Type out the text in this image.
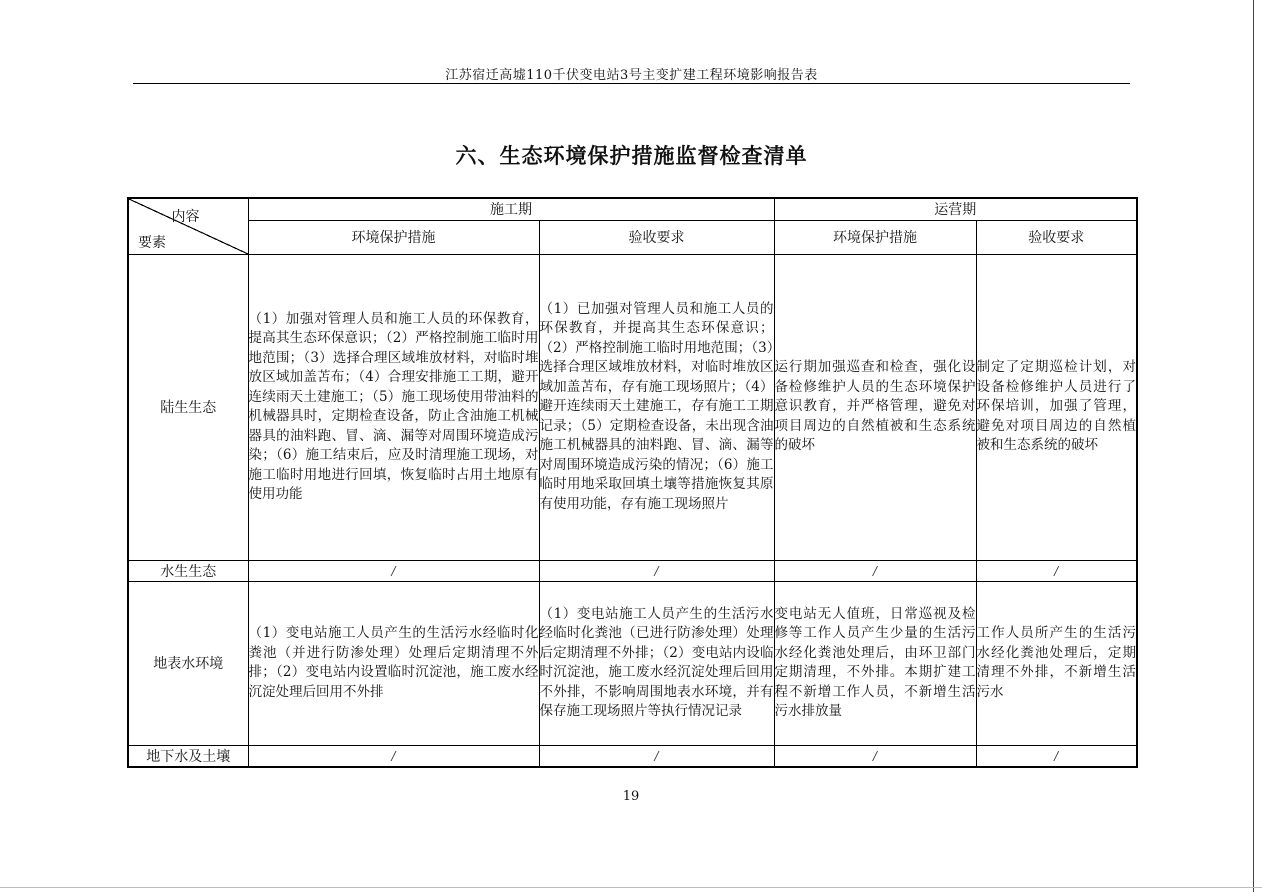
江苏宿迁高墟110千伏变电站3号主变扩建工程环境影响报告表
六、生态环境保护措施监督检查清单
内容
要素	施工期		运营期	
	环境保护措施	验收要求	环境保护措施	验收要求
陆生生态	（1）加强对管理人员和施工人员的环保教育，提高其生态环保意识；（2）严格控制施工临时用地范围；（3）选择合理区域堆放材料，对临时堆放区域加盖苫布；（4）合理安排施工工期，避开连续雨天土建施工；（5）施工现场使用带油料的机械器具时，定期检查设备，防止含油施工机械器具的油料跑、冒、滴、漏等对周围环境造成污染；（6）施工结束后，应及时清理施工现场，对施工临时用地进行回填，恢复临时占用土地原有使用功能	（1）已加强对管理人员和施工人员的环保教育，并提高其生态环保意识；（2）严格控制施工临时用地范围；（3）选择合理区域堆放材料，对临时堆放区域加盖苫布，存有施工现场照片；（4）避开连续雨天土建施工，存有施工工期记录；（5）定期检查设备，未出现含油施工机械器具的油料跑、冒、滴、漏等对周围环境造成污染的情况；（6）施工临时用地采取回填土壤等措施恢复其原有使用功能，存有施工现场照片	运行期加强巡查和检查，强化设备检修维护人员的生态环境保护意识教育，并严格管理，避免对项目周边的自然植被和生态系统的破坏	制定了定期巡检计划，对设备检修维护人员进行了环保培训，加强了管理，避免对项目周边的自然植被和生态系统的破坏
水生生态	/	/	/	/
地表水环境	（1）变电站施工人员产生的生活污水经临时化粪池（并进行防渗处理）处理后定期清理不外排；（2）变电站内设置临时沉淀池，施工废水经沉淀处理后回用不外排	（1）变电站施工人员产生的生活污水经临时化粪池（已进行防渗处理）处理后定期清理不外排；（2）变电站内设临时沉淀池，施工废水经沉淀处理后回用不外排，不影响周围地表水环境，并有保存施工现场照片等执行情况记录	变电站无人值班，日常巡视及检修等工作人员产生少量的生活污水经化粪池处理后，由环卫部门定期清理，不外排。本期扩建工程不新增工作人员，不新增生活污水排放量	工作人员所产生的生活污水经化粪池处理后，定期清理不外排，不新增生活污水
地下水及土壤	/	/	/	/
19
